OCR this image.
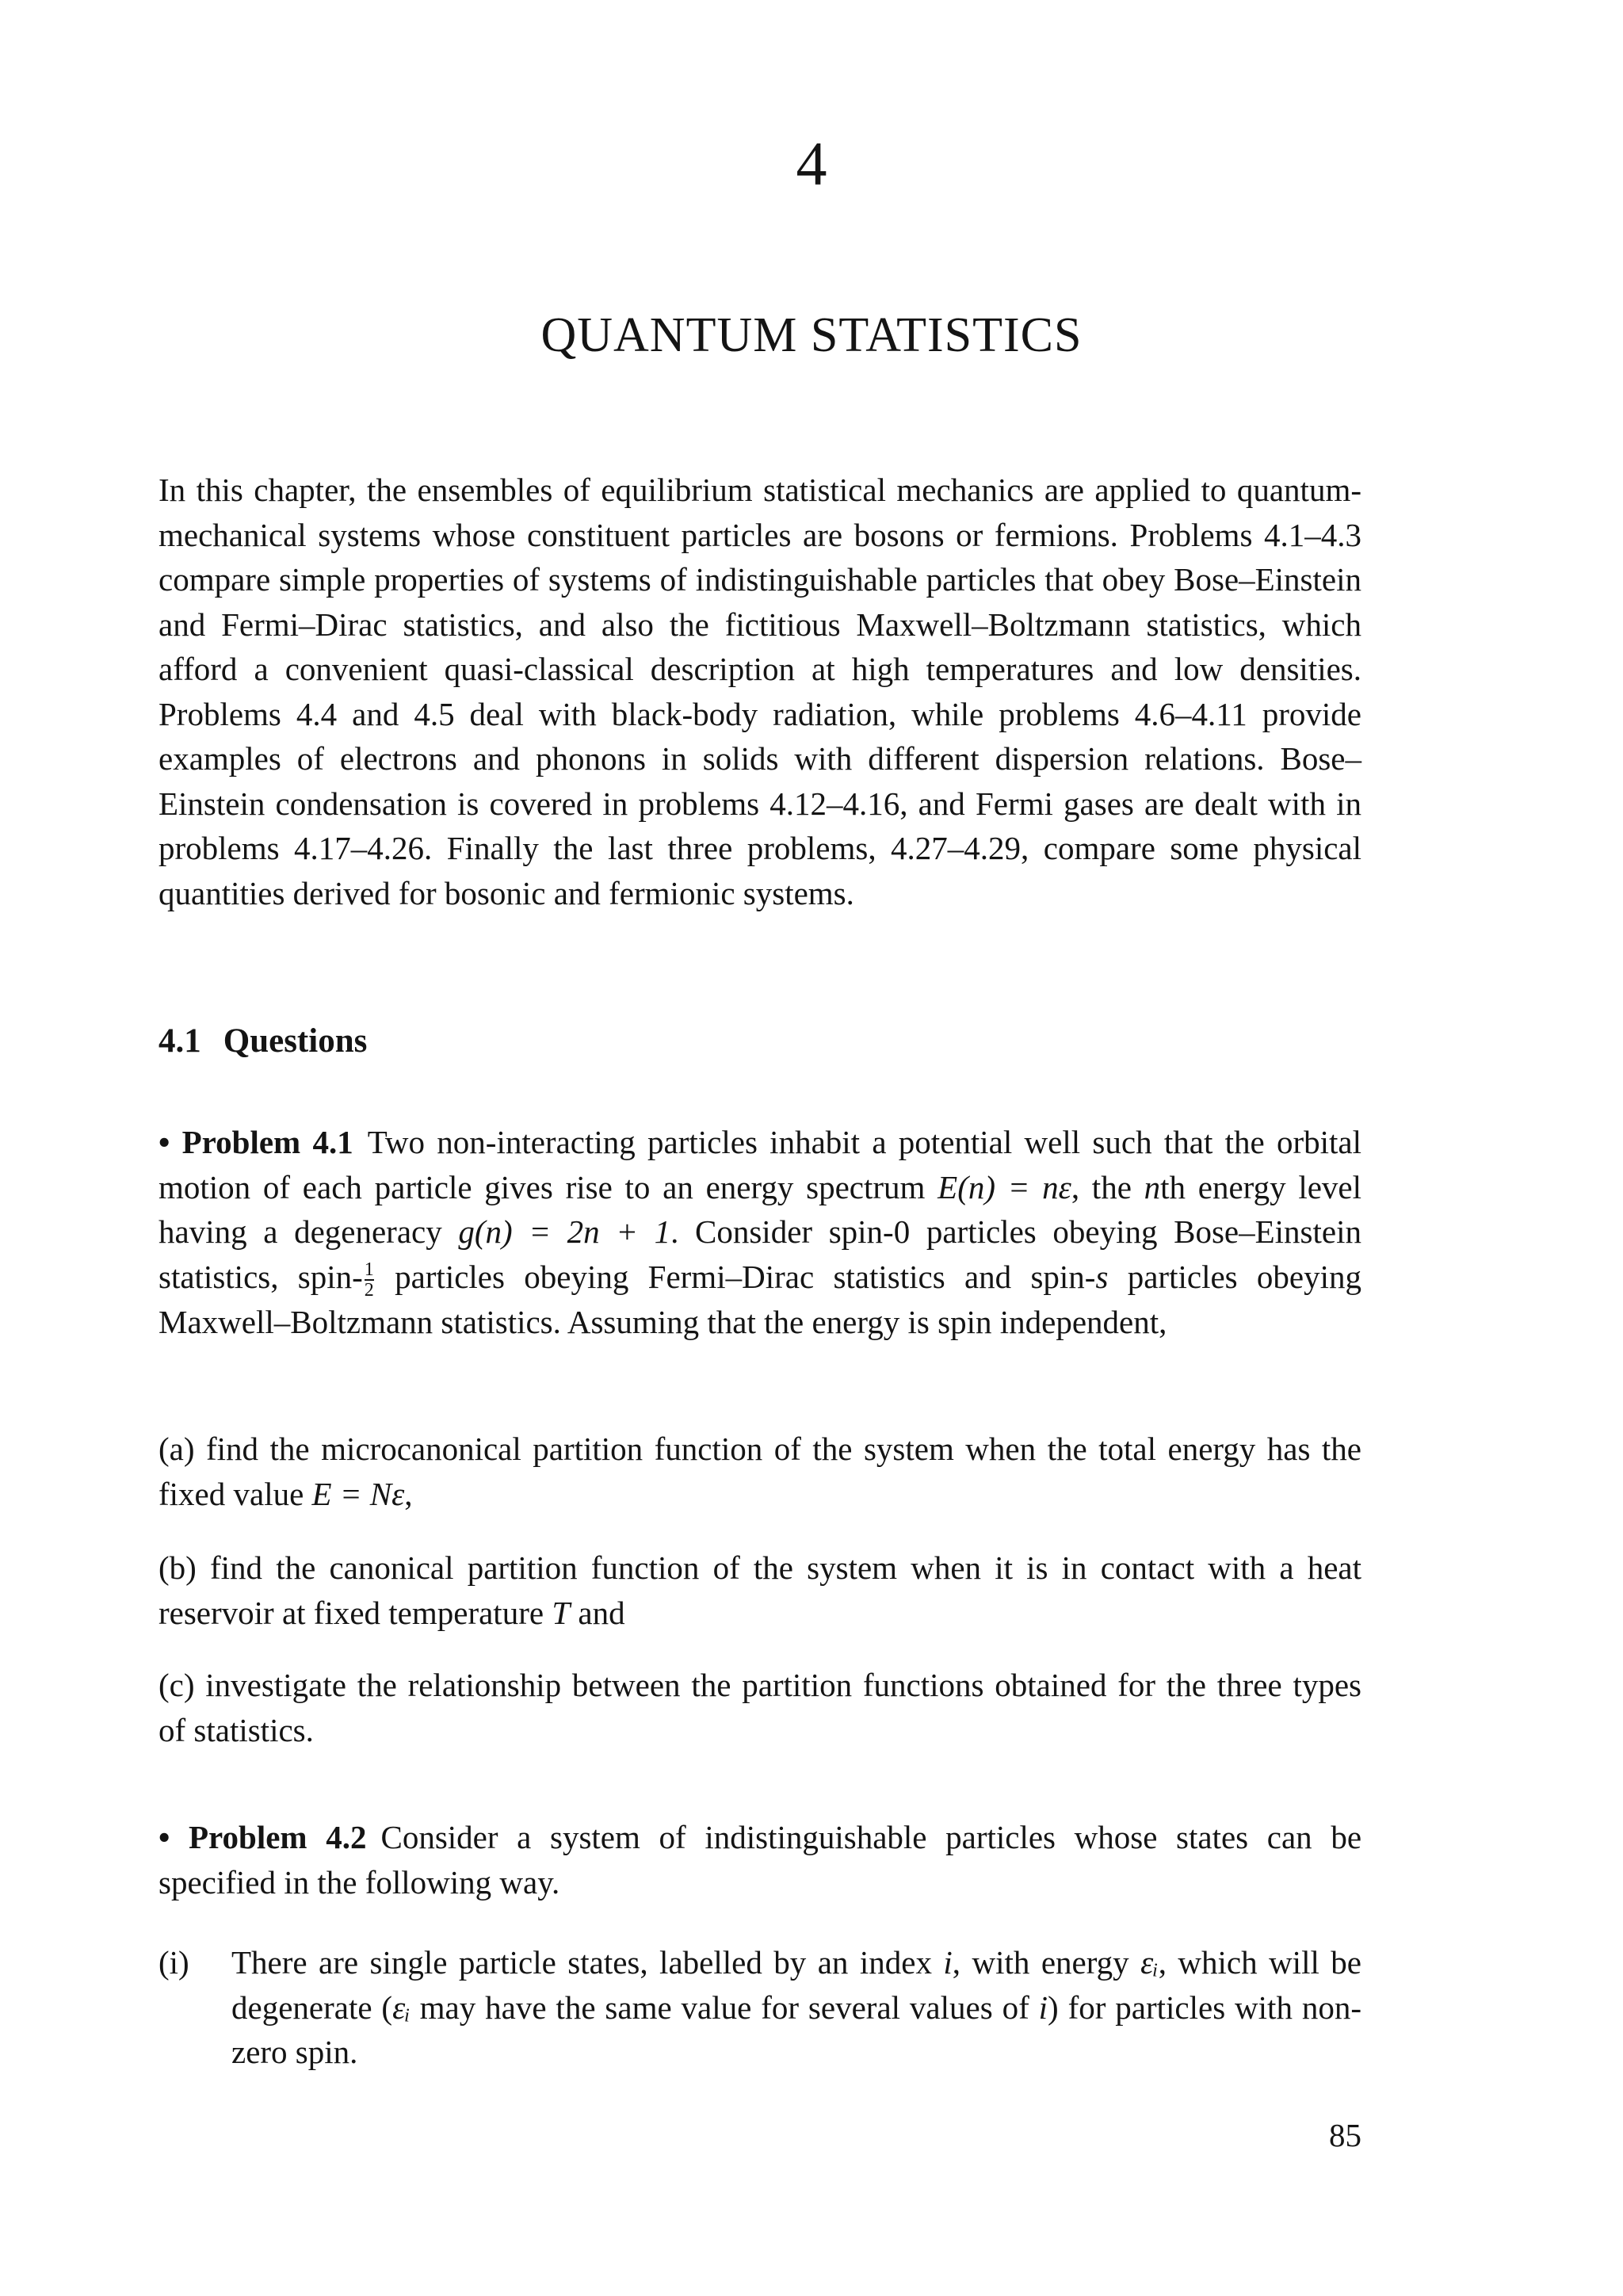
4
QUANTUM STATISTICS

In this chapter, the ensembles of equilibrium statistical mechanics are applied to quantum-mechanical systems whose constituent particles are bosons or fermions. Problems 4.1–4.3 compare simple properties of systems of indistinguishable particles that obey Bose–Einstein and Fermi–Dirac statistics, and also the fictitious Maxwell–Boltzmann statistics, which afford a convenient quasi-classical description at high temperatures and low densities. Problems 4.4 and 4.5 deal with black-body radiation, while problems 4.6–4.11 provide examples of electrons and phonons in solids with different dispersion relations. Bose–Einstein condensation is covered in problems 4.12–4.16, and Fermi gases are dealt with in problems 4.17–4.26. Finally the last three problems, 4.27–4.29, compare some physical quantities derived for bosonic and fermionic systems.

4.1 Questions

• Problem 4.1 Two non-interacting particles inhabit a potential well such that the orbital motion of each particle gives rise to an energy spectrum E(n) = nε, the nth energy level having a degeneracy g(n) = 2n + 1. Consider spin-0 particles obeying Bose–Einstein statistics, spin- $\frac{1}{2}$ particles obeying Fermi–Dirac statistics and spin-s particles obeying Maxwell–Boltzmann statistics. Assuming that the energy is spin independent,

(a) find the microcanonical partition function of the system when the total energy has the fixed value E = Nε,

(b) find the canonical partition function of the system when it is in contact with a heat reservoir at fixed temperature T and

(c) investigate the relationship between the partition functions obtained for the three types of statistics.

• Problem 4.2 Consider a system of indistinguishable particles whose states can be specified in the following way.

(i) There are single particle states, labelled by an index i, with energy εᵢ, which will be degenerate (εᵢ may have the same value for several values of i) for particles with non-zero spin.

85
